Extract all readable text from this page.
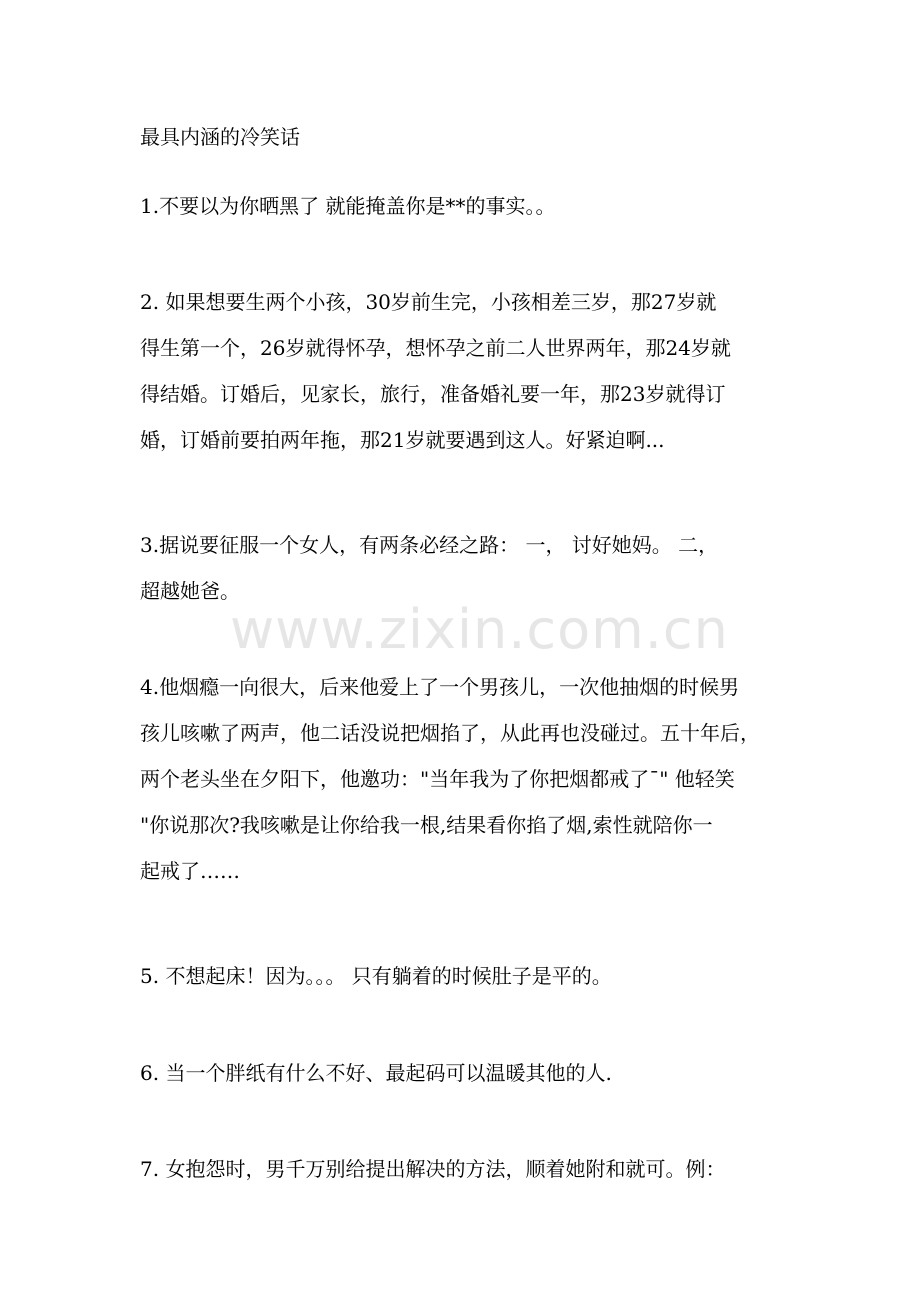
最具内涵的冷笑话
1.不要以为你晒黑了 就能掩盖你是**的事实。。
2. 如果想要生两个小孩，30岁前生完，小孩相差三岁，那27岁就
得生第一个，26岁就得怀孕，想怀孕之前二人世界两年，那24岁就
得结婚。订婚后，见家长，旅行，准备婚礼要一年，那23岁就得订
婚，订婚前要拍两年拖，那21岁就要遇到这人。好紧迫啊...
3.据说要征服一个女人，有两条必经之路： 一， 讨好她妈。 二，
超越她爸。
4.他烟瘾一向很大，后来他爱上了一个男孩儿，一次他抽烟的时候男
孩儿咳嗽了两声，他二话没说把烟掐了，从此再也没碰过。五十年后，
两个老头坐在夕阳下，他邀功："当年我为了你把烟都戒了ˉ" 他轻笑
"你说那次?我咳嗽是让你给我一根,结果看你掐了烟,索性就陪你一
起戒了……
5. 不想起床！因为。。。 只有躺着的时候肚子是平的。
6. 当一个胖纸有什么不好、最起码可以温暖其他的人.
7. 女抱怨时，男千万别给提出解决的方法，顺着她附和就可。例：
www.zixin.com.cn
